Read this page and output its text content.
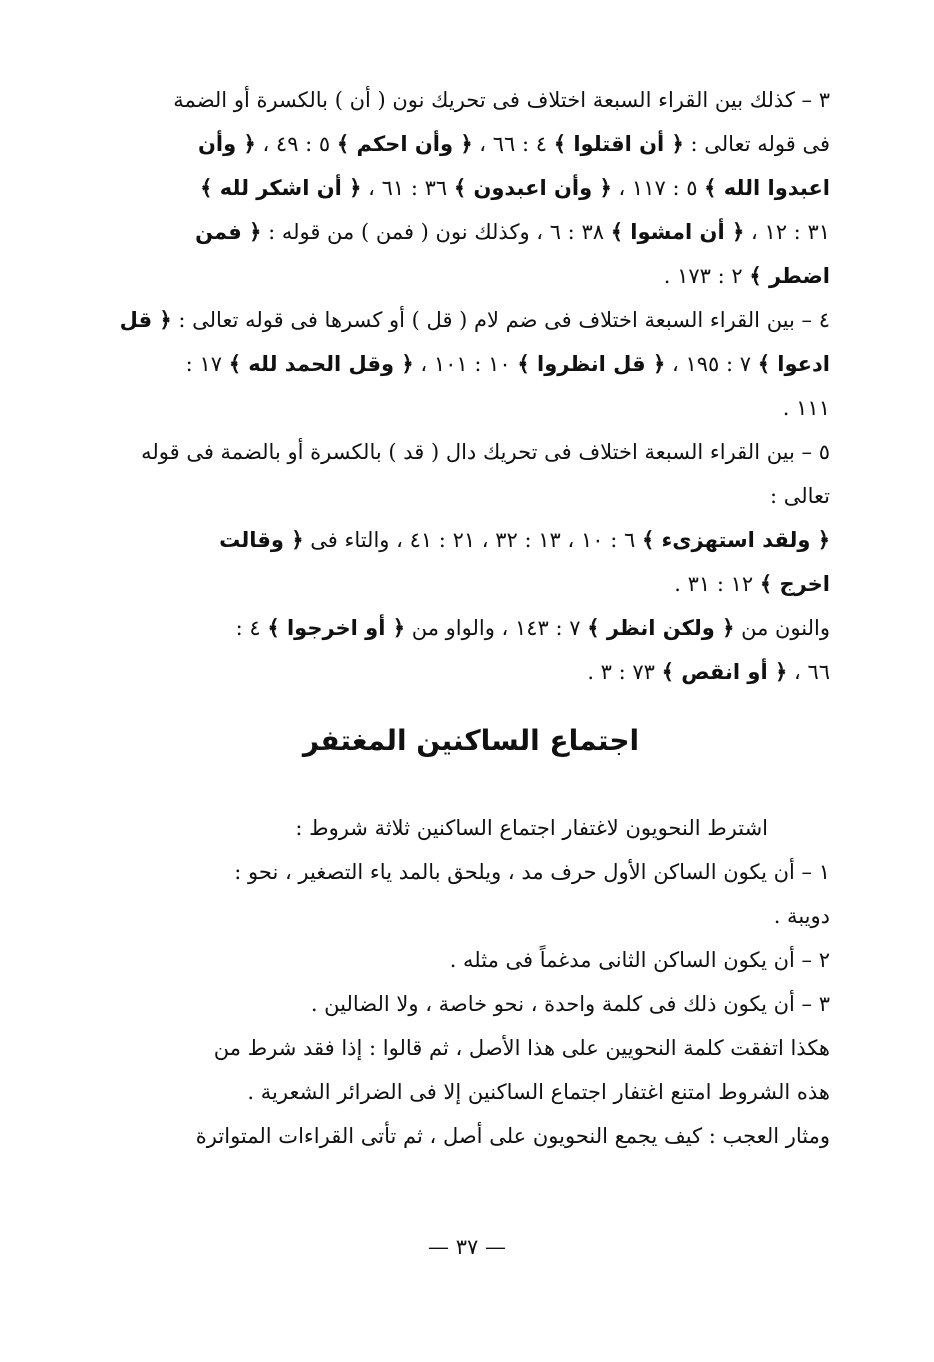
٣ – كذلك بين القراء السبعة اختلاف فى تحريك نون ( أن ) بالكسرة أو الضمة
فى قوله تعالى : ﴿ أن اقتلوا ﴾ ٤ : ٦٦ ، ﴿ وأن احكم ﴾ ٥ : ٤٩ ، ﴿ وأن
اعبدوا الله ﴾ ٥ : ١١٧ ، ﴿ وأن اعبدون ﴾ ٣٦ : ٦١ ، ﴿ أن اشكر لله ﴾
٣١ : ١٢ ، ﴿ أن امشوا ﴾ ٣٨ : ٦ ، وكذلك نون ( فمن ) من قوله : ﴿ فمن
اضطر ﴾ ٢ : ١٧٣ .
٤ – بين القراء السبعة اختلاف فى ضم لام ( قل ) أو كسرها فى قوله تعالى : ﴿ قل
ادعوا ﴾ ٧ : ١٩٥ ، ﴿ قل انظروا ﴾ ١٠ : ١٠١ ، ﴿ وقل الحمد لله ﴾ ١٧ :
١١١ .
٥ – بين القراء السبعة اختلاف فى تحريك دال ( قد ) بالكسرة أو بالضمة فى قوله
تعالى :
﴿ ولقد استهزىء ﴾ ٦ : ١٠ ، ١٣ : ٣٢ ، ٢١ : ٤١ ، والتاء فى ﴿ وقالت
اخرج ﴾ ١٢ : ٣١ .
والنون من ﴿ ولكن انظر ﴾ ٧ : ١٤٣ ، والواو من ﴿ أو اخرجوا ﴾ ٤ :
٦٦ ، ﴿ أو انقص ﴾ ٧٣ : ٣ .
اجتماع الساكنين المغتفر
اشترط النحويون لاغتفار اجتماع الساكنين ثلاثة شروط :
١ – أن يكون الساكن الأول حرف مد ، ويلحق بالمد ياء التصغير ، نحو :
دويبة .
٢ – أن يكون الساكن الثانى مدغماً فى مثله .
٣ – أن يكون ذلك فى كلمة واحدة ، نحو خاصة ، ولا الضالين .
هكذا اتفقت كلمة النحويين على هذا الأصل ، ثم قالوا : إذا فقد شرط من
هذه الشروط امتنع اغتفار اجتماع الساكنين إلا فى الضرائر الشعرية .
ومثار العجب : كيف يجمع النحويون على أصل ، ثم تأتى القراءات المتواترة
— ٣٧ —
